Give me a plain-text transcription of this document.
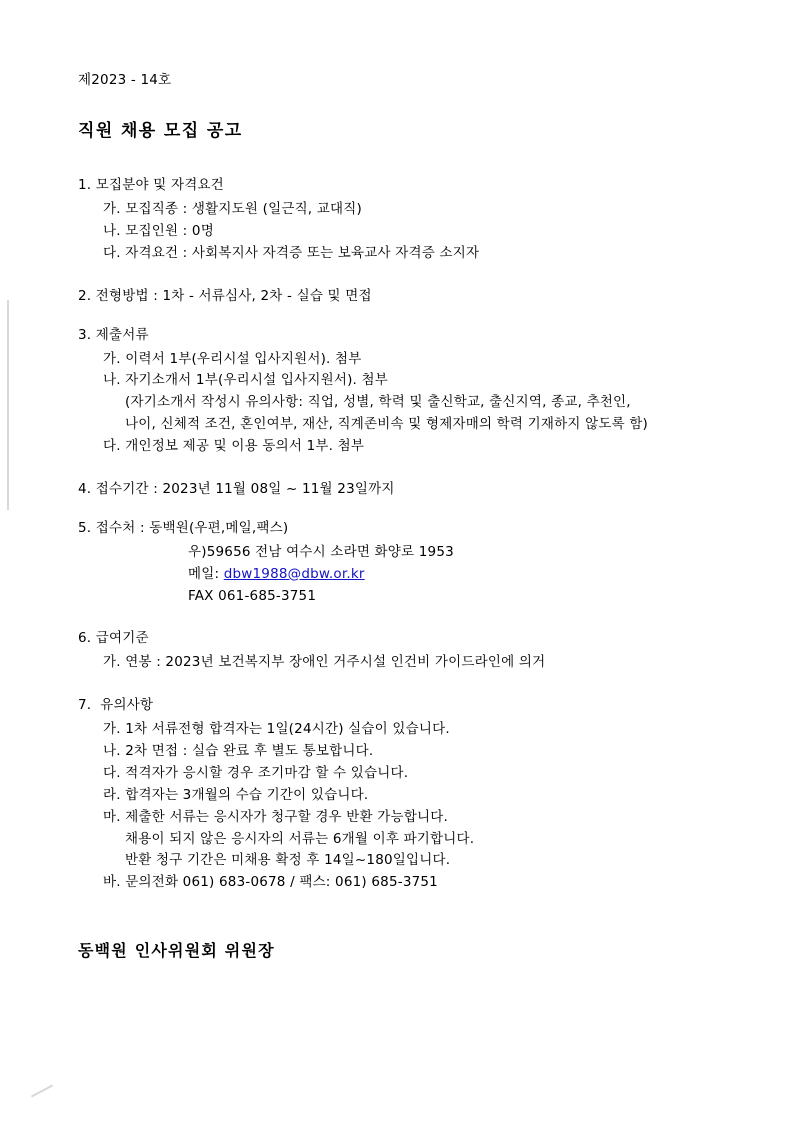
제2023 - 14호
직원 채용 모집 공고
1. 모집분야 및 자격요건
가. 모집직종 : 생활지도원 (일근직, 교대직)
나. 모집인원 : 0명
다. 자격요건 : 사회복지사 자격증 또는 보육교사 자격증 소지자
2. 전형방법 : 1차 - 서류심사, 2차 - 실습 및 면접
3. 제출서류
가. 이력서 1부(우리시설 입사지원서). 첨부
나. 자기소개서 1부(우리시설 입사지원서). 첨부
(자기소개서 작성시 유의사항: 직업, 성별, 학력 및 출신학교, 출신지역, 종교, 추천인,
나이, 신체적 조건, 혼인여부, 재산, 직계존비속 및 형제자매의 학력 기재하지 않도록 함)
다. 개인정보 제공 및 이용 동의서 1부. 첨부
4. 접수기간 : 2023년 11월 08일 ~ 11월 23일까지
5. 접수처 : 동백원(우편,메일,팩스)
우)59656 전남 여수시 소라면 화양로 1953
메일: dbw1988@dbw.or.kr
FAX 061-685-3751
6. 급여기준
가. 연봉 : 2023년 보건복지부 장애인 거주시설 인건비 가이드라인에 의거
7.  유의사항
가. 1차 서류전형 합격자는 1일(24시간) 실습이 있습니다.
나. 2차 면접 : 실습 완료 후 별도 통보합니다.
다. 적격자가 응시할 경우 조기마감 할 수 있습니다.
라. 합격자는 3개월의 수습 기간이 있습니다.
마. 제출한 서류는 응시자가 청구할 경우 반환 가능합니다.
채용이 되지 않은 응시자의 서류는 6개월 이후 파기합니다.
반환 청구 기간은 미채용 확정 후 14일~180일입니다.
바. 문의전화 061) 683-0678 / 팩스: 061) 685-3751
동백원 인사위원회 위원장
